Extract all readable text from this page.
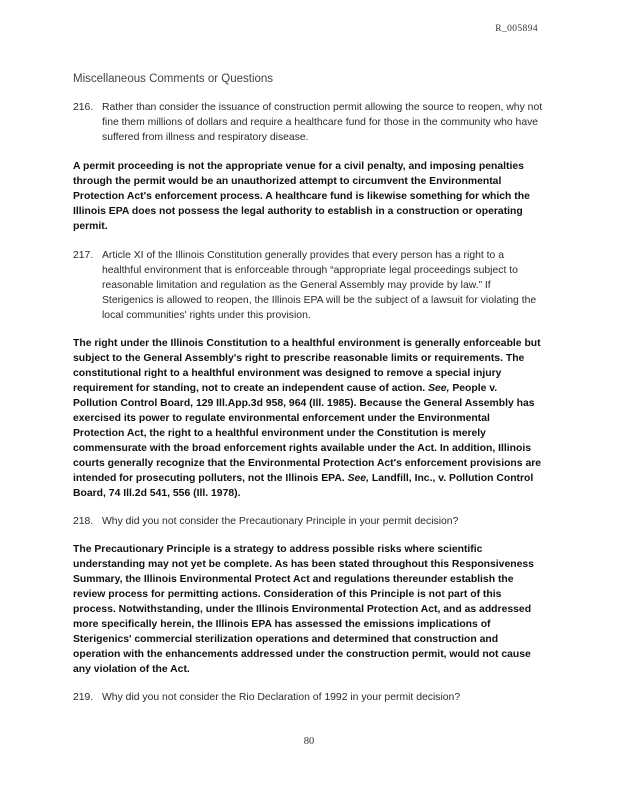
R_005894
Miscellaneous Comments or Questions
216. Rather than consider the issuance of construction permit allowing the source to reopen, why not fine them millions of dollars and require a healthcare fund for those in the community who have suffered from illness and respiratory disease.

A permit proceeding is not the appropriate venue for a civil penalty, and imposing penalties through the permit would be an unauthorized attempt to circumvent the Environmental Protection Act's enforcement process. A healthcare fund is likewise something for which the Illinois EPA does not possess the legal authority to establish in a construction or operating permit.

217. Article XI of the Illinois Constitution generally provides that every person has a right to a healthful environment that is enforceable through “appropriate legal proceedings subject to reasonable limitation and regulation as the General Assembly may provide by law.” If Sterigenics is allowed to reopen, the Illinois EPA will be the subject of a lawsuit for violating the local communities' rights under this provision.

The right under the Illinois Constitution to a healthful environment is generally enforceable but subject to the General Assembly's right to prescribe reasonable limits or requirements. The constitutional right to a healthful environment was designed to remove a special injury requirement for standing, not to create an independent cause of action. See, People v. Pollution Control Board, 129 Ill.App.3d 958, 964 (Ill. 1985). Because the General Assembly has exercised its power to regulate environmental enforcement under the Environmental Protection Act, the right to a healthful environment under the Constitution is merely commensurate with the broad enforcement rights available under the Act. In addition, Illinois courts generally recognize that the Environmental Protection Act's enforcement provisions are intended for prosecuting polluters, not the Illinois EPA. See, Landfill, Inc., v. Pollution Control Board, 74 Ill.2d 541, 556 (Ill. 1978).

218. Why did you not consider the Precautionary Principle in your permit decision?

The Precautionary Principle is a strategy to address possible risks where scientific understanding may not yet be complete. As has been stated throughout this Responsiveness Summary, the Illinois Environmental Protect Act and regulations thereunder establish the review process for permitting actions. Consideration of this Principle is not part of this process. Notwithstanding, under the Illinois Environmental Protection Act, and as addressed more specifically herein, the Illinois EPA has assessed the emissions implications of Sterigenics' commercial sterilization operations and determined that construction and operation with the enhancements addressed under the construction permit, would not cause any violation of the Act.

219. Why did you not consider the Rio Declaration of 1992 in your permit decision?
80
